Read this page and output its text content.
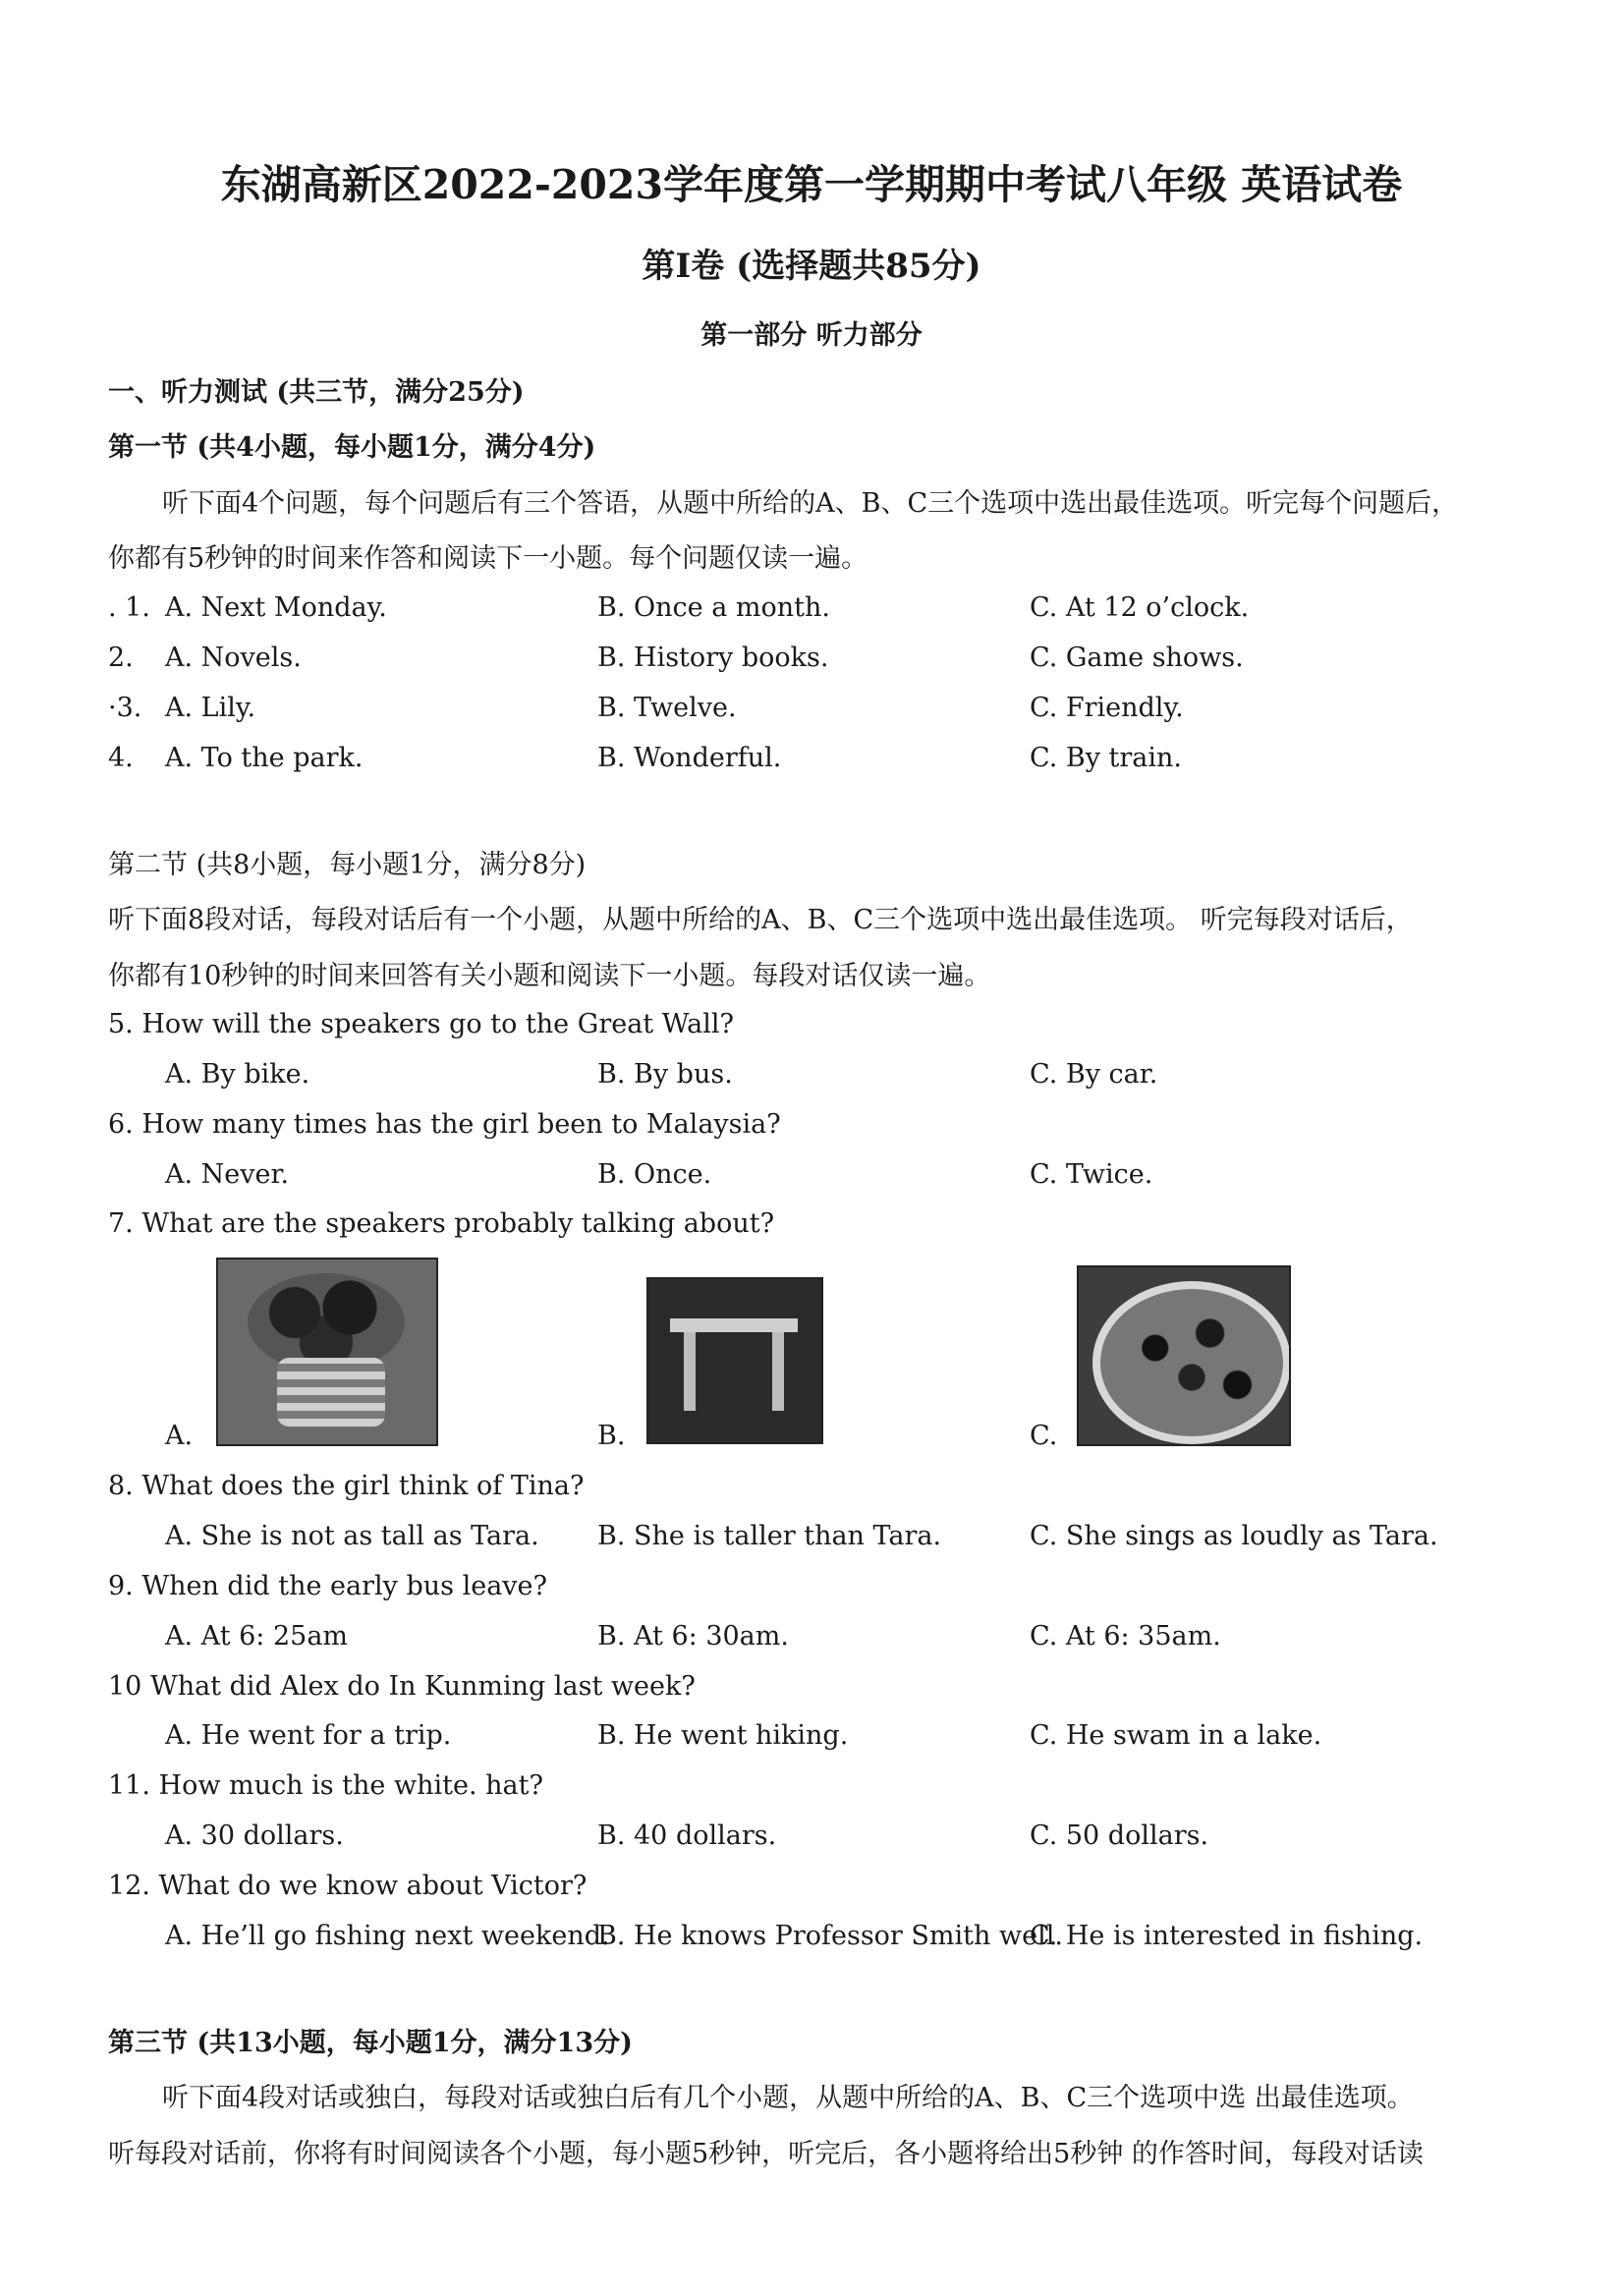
东湖高新区2022-2023学年度第一学期期中考试八年级 英语试卷
第I卷 (选择题共85分)
第一部分 听力部分
一、听力测试 (共三节，满分25分)
第一节 (共4小题，每小题1分，满分4分)
听下面4个问题，每个问题后有三个答语，从题中所给的A、B、C三个选项中选出最佳选项。听完每个问题后，
你都有5秒钟的时间来作答和阅读下一小题。每个问题仅读一遍。
. 1. A. Next Monday.	B. Once a month.	C. At 12 o’clock.
2. A. Novels.	B. History books.	C. Game shows.
·3. A. Lily.	B. Twelve.	C. Friendly.
4. A. To the park.	B. Wonderful.	C. By train.
第二节 (共8小题，每小题1分，满分8分)
听下面8段对话，每段对话后有一个小题，从题中所给的A、B、C三个选项中选出最佳选项。 听完每段对话后，
你都有10秒钟的时间来回答有关小题和阅读下一小题。每段对话仅读一遍。
5. How will the speakers go to the Great Wall?
A. By bike.	B. By bus.	C. By car.
6. How many times has the girl been to Malaysia?
A. Never.	B. Once.	C. Twice.
7. What are the speakers probably talking about?
A.	B.	C.
8. What does the girl think of Tina?
A. She is not as tall as Tara. B. She is taller than Tara.	C. She sings as loudly as Tara.
9. When did the early bus leave?
A. At 6: 25am	B. At 6: 30am.	C. At 6: 35am.
10 What did Alex do In Kunming last week?
A. He went for a trip.	B. He went hiking.	C. He swam in a lake.
11. How much is the white. hat?
A. 30 dollars.	B. 40 dollars.	C. 50 dollars.
12. What do we know about Victor?
A. He’ll go fishing next weekend.
B. He knows Professor Smith well.
C. He is interested in fishing.
第三节 (共13小题，每小题1分，满分13分)
听下面4段对话或独白，每段对话或独白后有几个小题，从题中所给的A、B、C三个选项中选 出最佳选项。
听每段对话前，你将有时间阅读各个小题，每小题5秒钟，听完后，各小题将给出5秒钟 的作答时间，每段对话读
